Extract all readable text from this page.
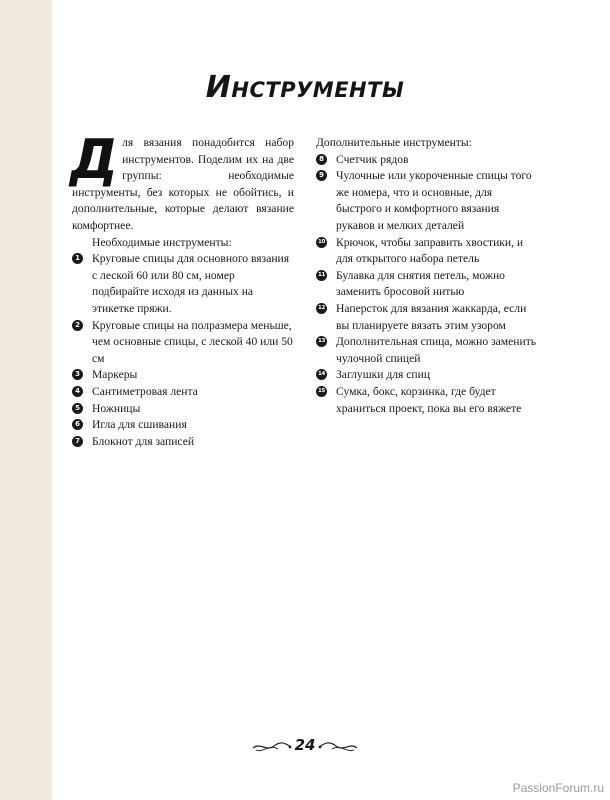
Инструменты
Д ля вязания понадобится набор инструментов. Поделим их на две группы: необходимые инструменты, без которых не обойтись, и дополнительные, которые делают вязание комфортнее.

Необходимые инструменты:

1 Круговые спицы для основного вязания с леской 60 или 80 см, номер подбирайте исходя из данных на этикетке пряжи.
2 Круговые спицы на полразмера меньше, чем основные спицы, с леской 40 или 50 см
3 Маркеры
4 Сантиметровая лента
5 Ножницы
6 Игла для сшивания
7 Блокнот для записей

Дополнительные инструменты:

8 Счетчик рядов
9 Чулочные или укороченные спицы того же номера, что и основные, для быстрого и комфортного вязания рукавов и мелких деталей
10 Крючок, чтобы заправить хвостики, и для открытого набора петель
11 Булавка для снятия петель, можно заменить бросовой нитью
12 Наперсток для вязания жаккарда, если вы планируете вязать этим узором
13 Дополнительная спица, можно заменить чулочной спицей
14 Заглушки для спиц
15 Сумка, бокс, корзинка, где будет храниться проект, пока вы его вяжете
24
PassionForum.ru
